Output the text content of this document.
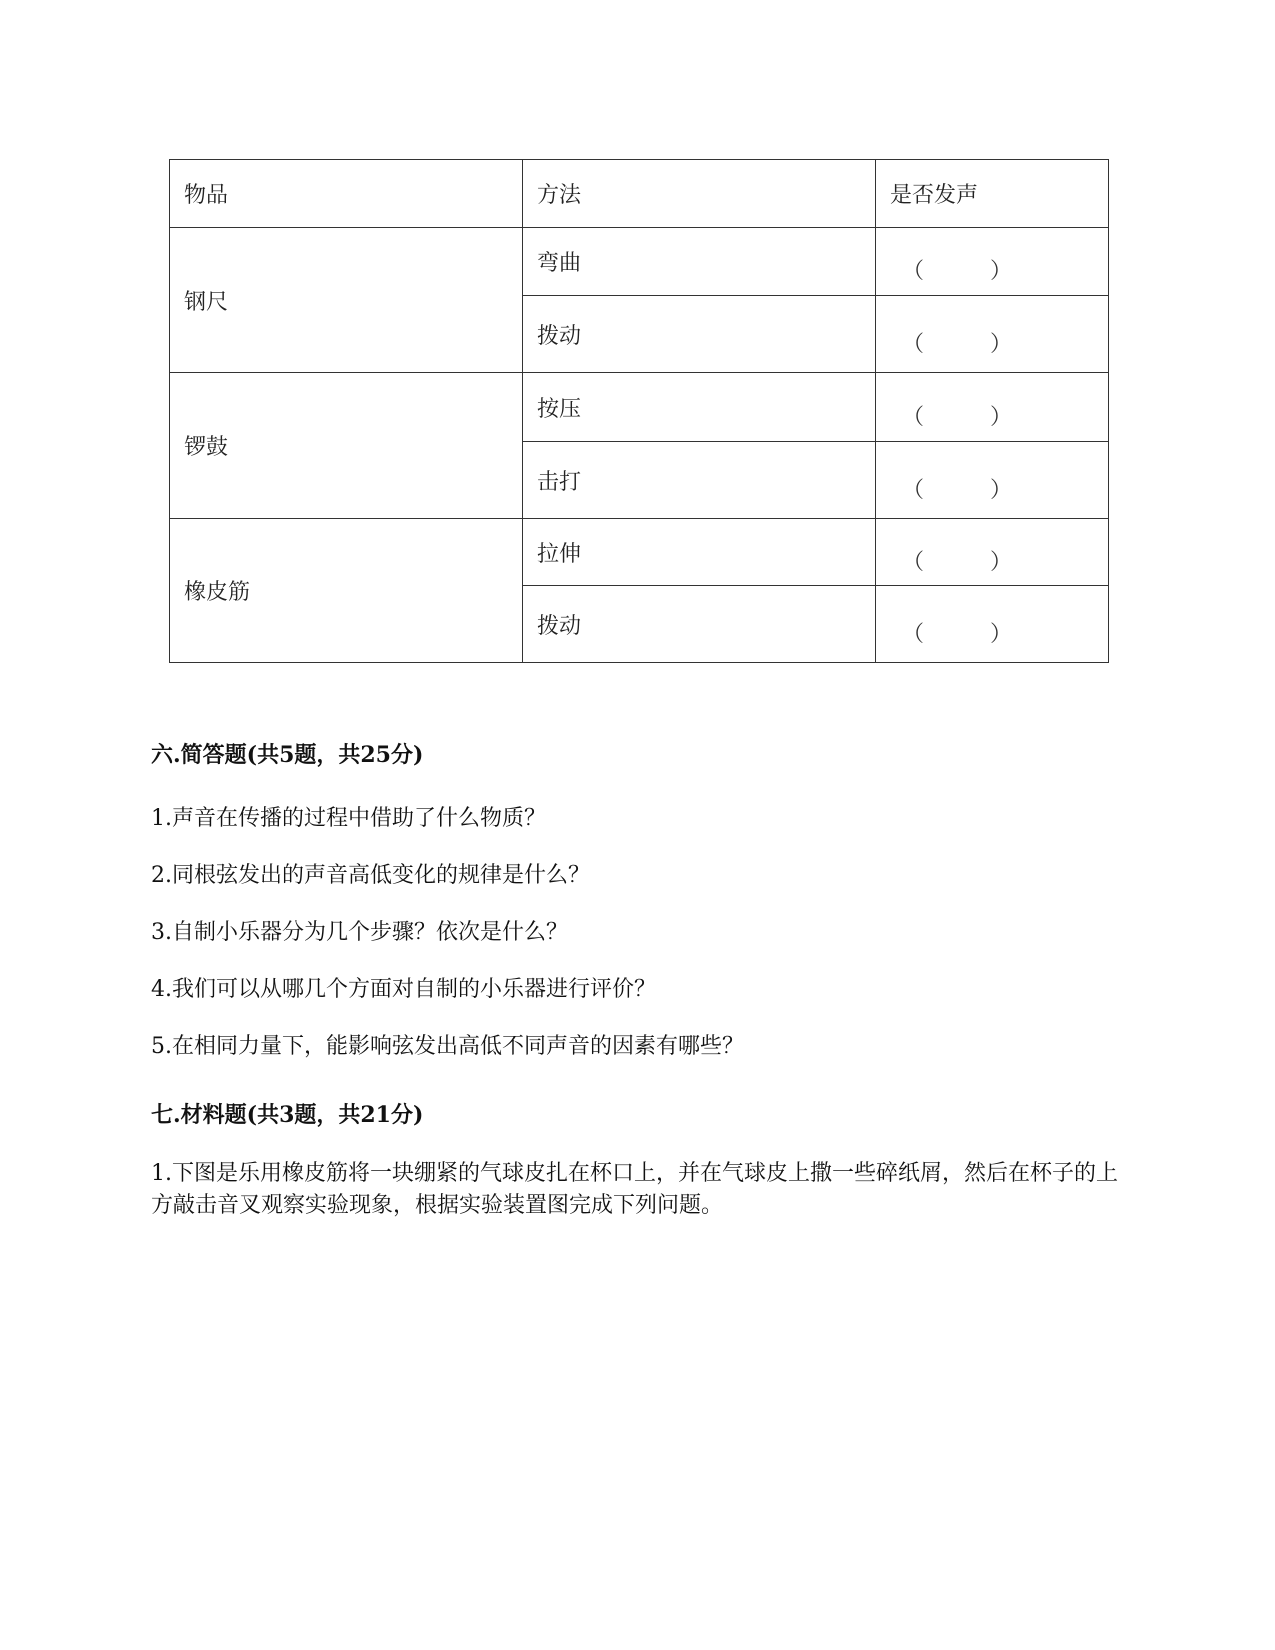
物品	方法	是否发声
钢尺	弯曲	（ ）

	拨动	（ ）

锣鼓	按压	（ ）

	击打	（ ）

橡皮筋	拉伸	（ ）

	拨动	（ ）
六.简答题(共5题，共25分)
1.声音在传播的过程中借助了什么物质？
2.同根弦发出的声音高低变化的规律是什么？
3.自制小乐器分为几个步骤？依次是什么？
4.我们可以从哪几个方面对自制的小乐器进行评价？
5.在相同力量下，能影响弦发出高低不同声音的因素有哪些？
七.材料题(共3题，共21分)
1.下图是乐用橡皮筋将一块绷紧的气球皮扎在杯口上，并在气球皮上撒一些碎纸屑，然后在杯子的上方敲击音叉观察实验现象，根据实验装置图完成下列问题。
